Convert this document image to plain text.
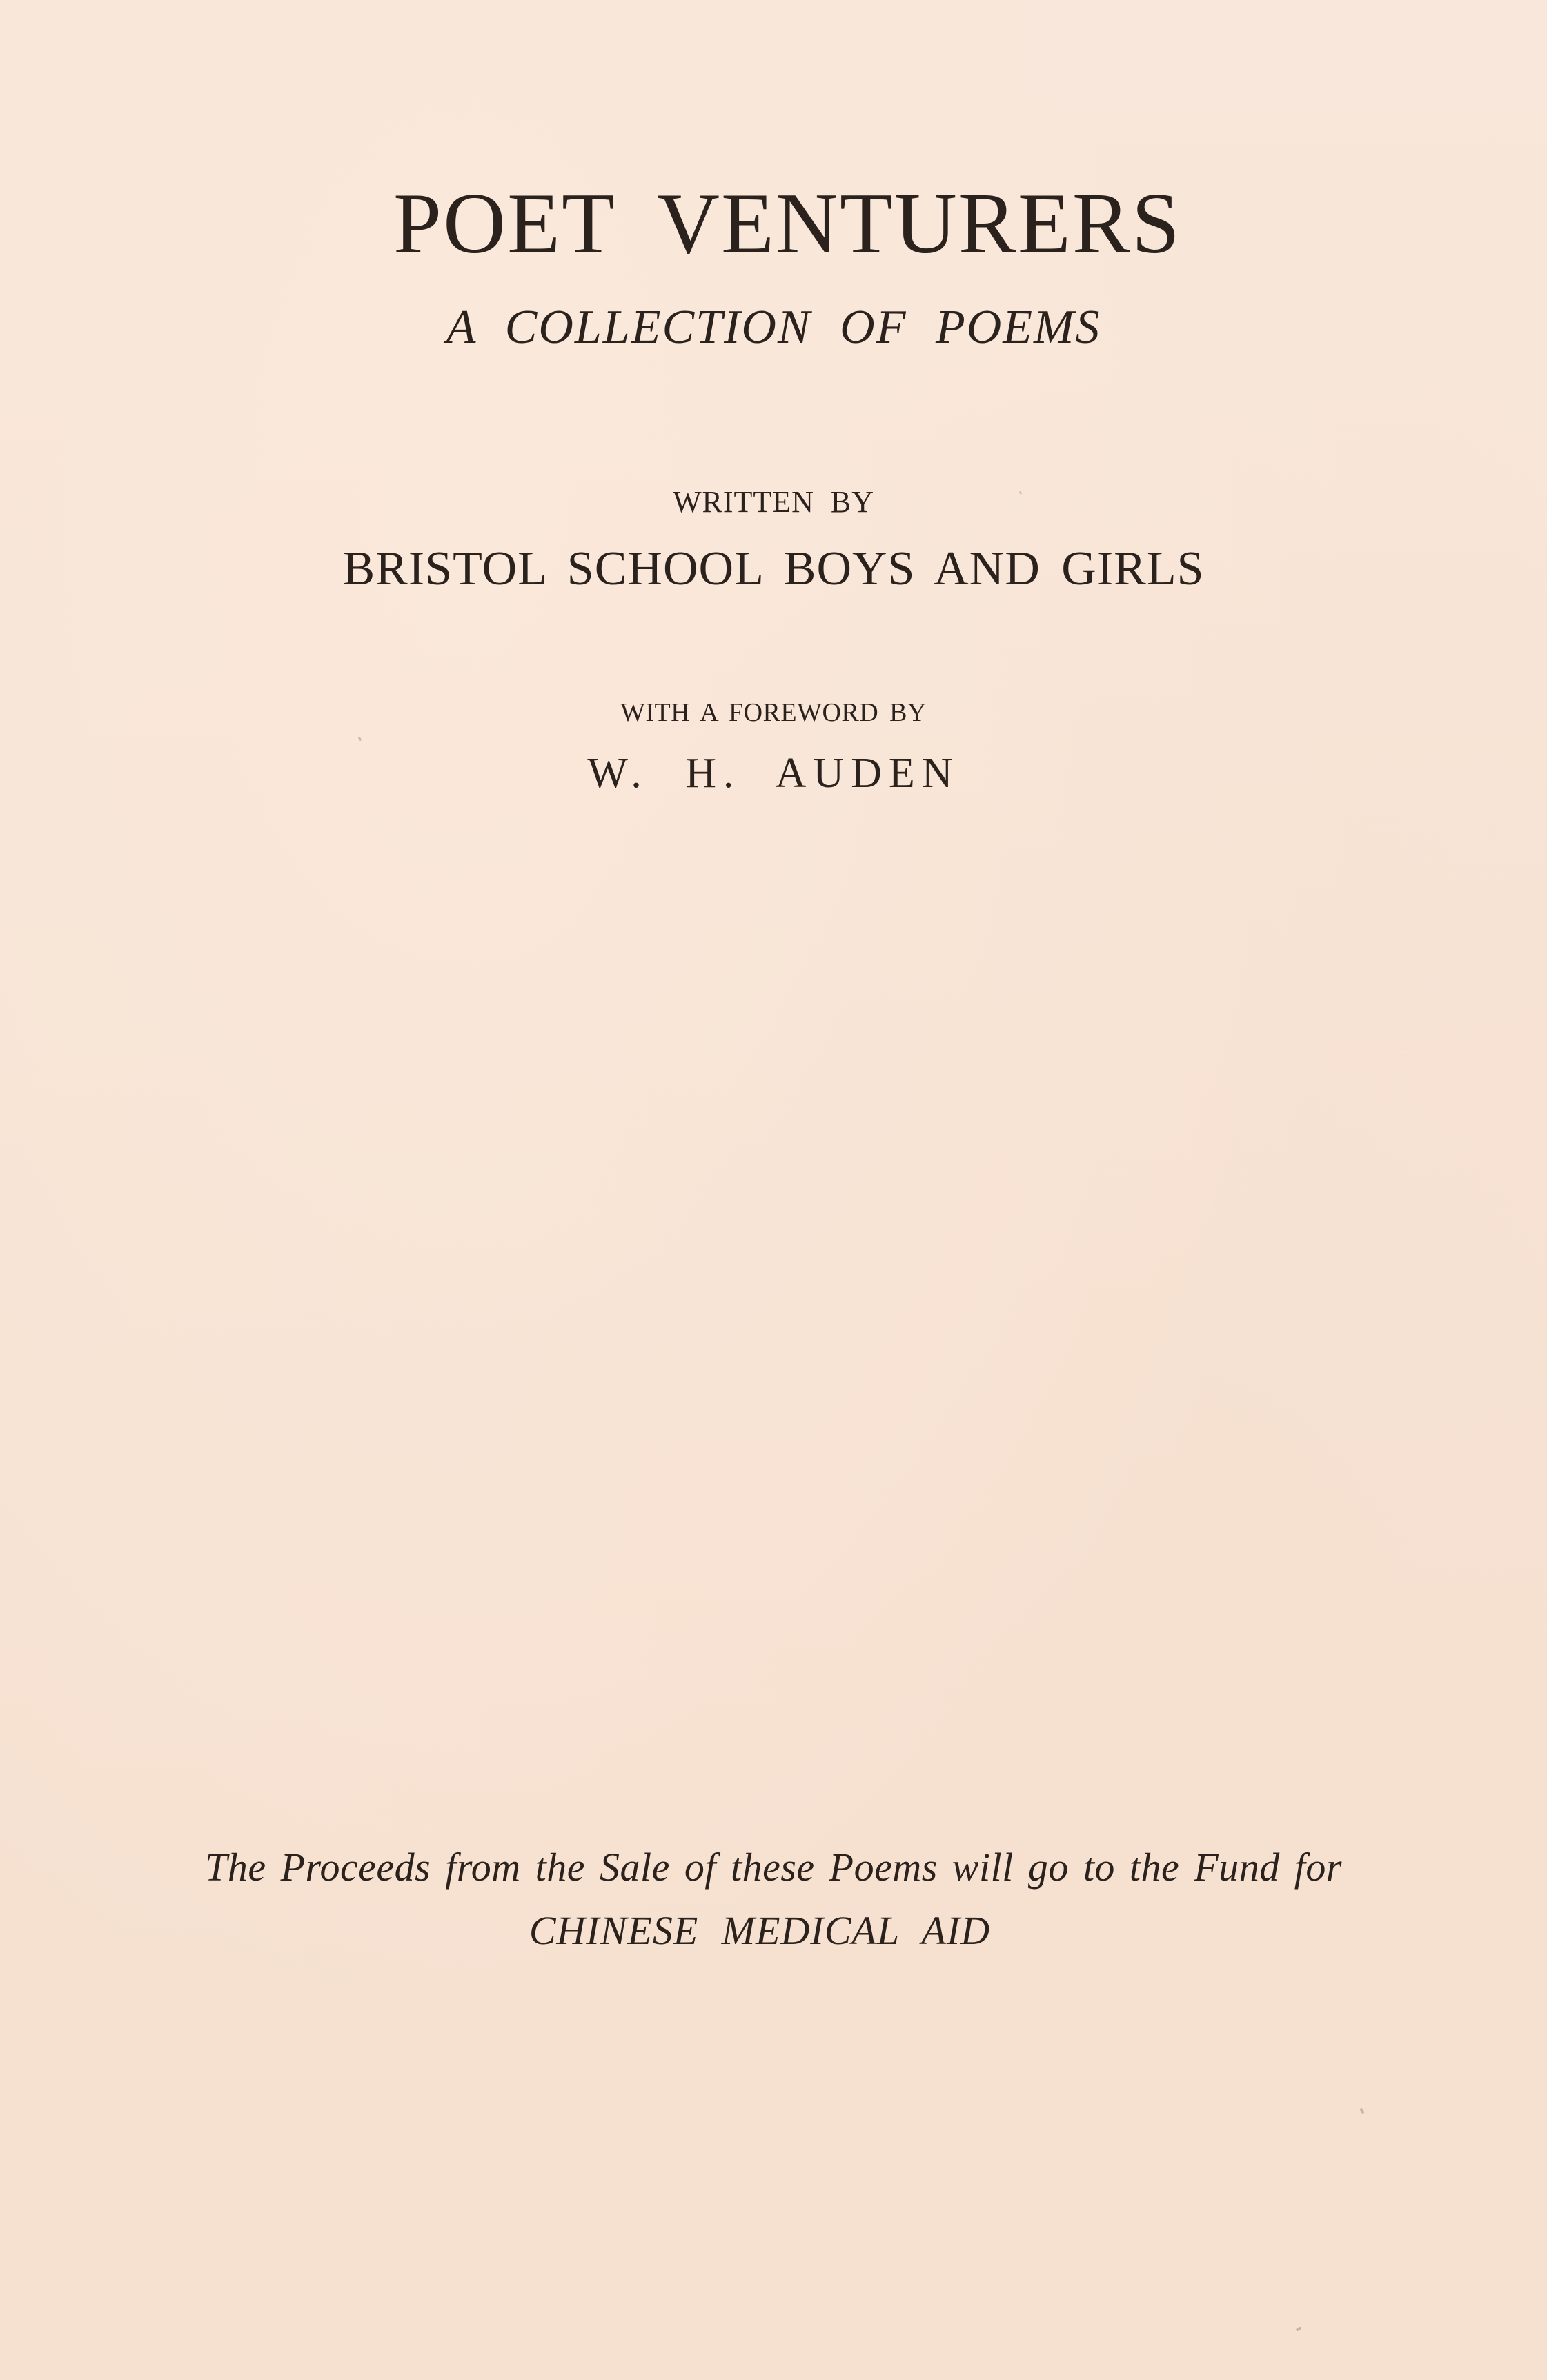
POET VENTURERS
A COLLECTION OF POEMS
WRITTEN BY
BRISTOL SCHOOL BOYS AND GIRLS
WITH A FOREWORD BY
W. H. AUDEN
The Proceeds from the Sale of these Poems will go to the Fund for
CHINESE MEDICAL AID
